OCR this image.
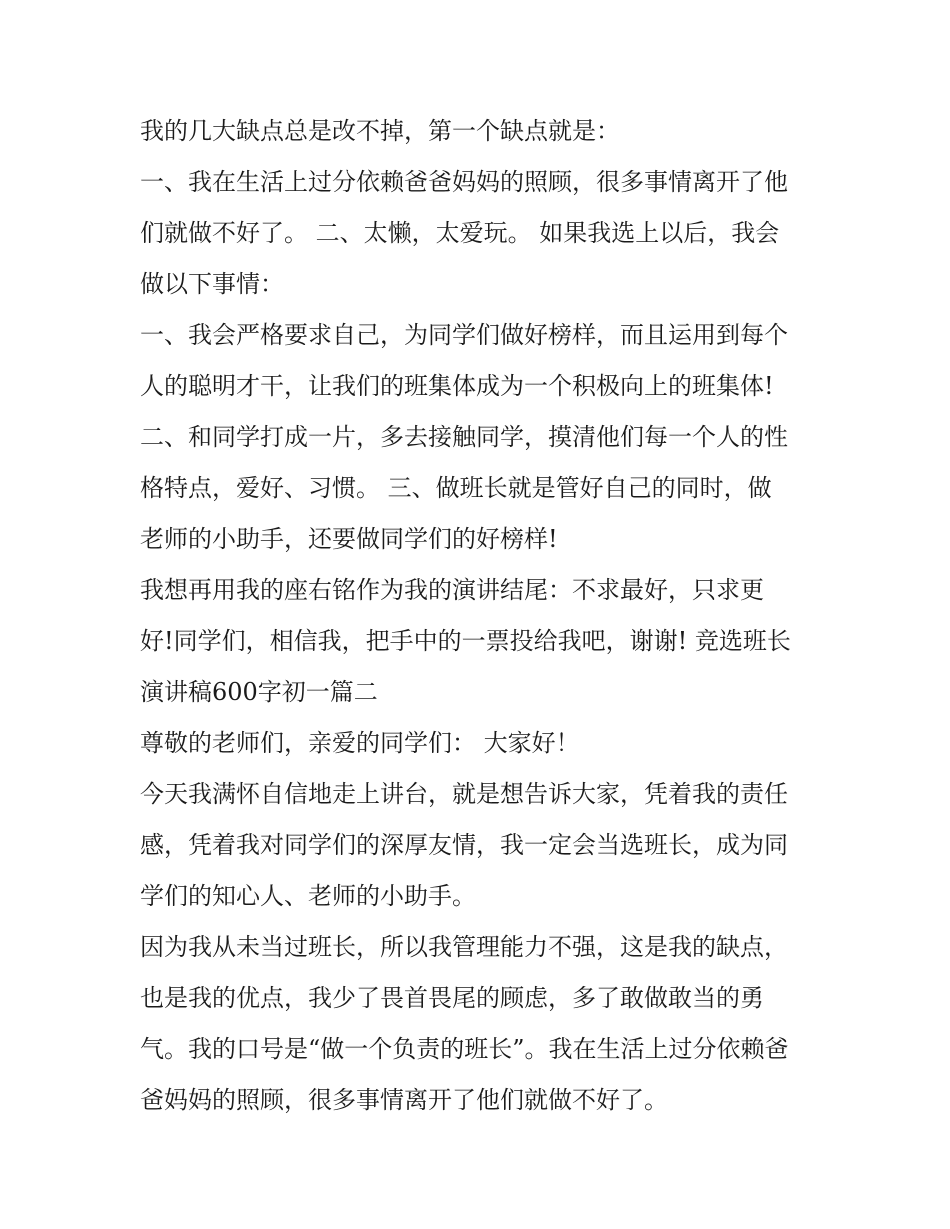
我的几大缺点总是改不掉，第一个缺点就是：
一、我在生活上过分依赖爸爸妈妈的照顾，很多事情离开了他
们就做不好了。 二、太懒，太爱玩。 如果我选上以后，我会
做以下事情：
一、我会严格要求自己，为同学们做好榜样，而且运用到每个
人的聪明才干，让我们的班集体成为一个积极向上的班集体!
二、和同学打成一片，多去接触同学，摸清他们每一个人的性
格特点，爱好、习惯。 三、做班长就是管好自己的同时，做
老师的小助手，还要做同学们的好榜样!
我想再用我的座右铭作为我的演讲结尾：不求最好，只求更
好!同学们，相信我，把手中的一票投给我吧，谢谢! 竞选班长
演讲稿600字初一篇二
尊敬的老师们，亲爱的同学们： 大家好！
今天我满怀自信地走上讲台，就是想告诉大家，凭着我的责任
感，凭着我对同学们的深厚友情，我一定会当选班长，成为同
学们的知心人、老师的小助手。
因为我从未当过班长，所以我管理能力不强，这是我的缺点，
也是我的优点，我少了畏首畏尾的顾虑，多了敢做敢当的勇
气。我的口号是“做一个负责的班长”。我在生活上过分依赖爸
爸妈妈的照顾，很多事情离开了他们就做不好了。
